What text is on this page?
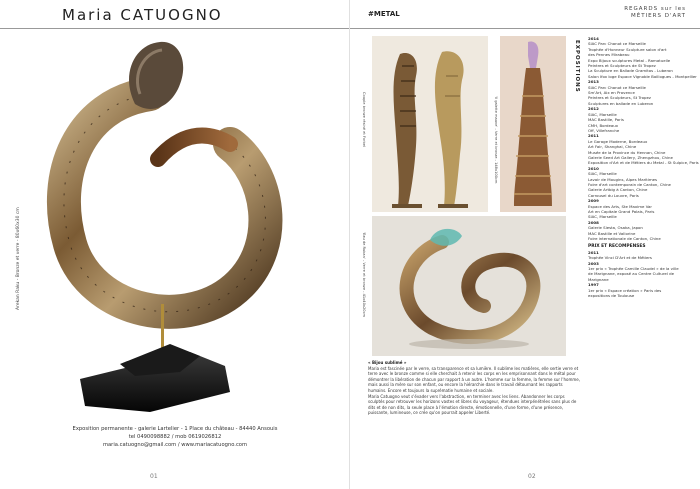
Maria CATUOGNO
Arekan Raku - Bronze et verre - 80x60x30 cm
Exposition permanente - galerie Lartelier - 1 Place du château - 84440 Ansouis
tel 0490098882 / mob 0619026812
maria.catuogno@gmail.com / www.mariacatuogno.com
01
#METAL
REGARDS sur les
MÉTIERS D'ART
Couple bronze résiné et Forbel	'Il galette mauve' - Verre et bronze - 148x100cm
'Eau de Ruban' - Verre et bronze - 41x40x20cm
EXPOSITIONS
2014
SIAC Parc Chanot ce Marseille
Trophée d'Honneur Sculpture salon d'art
des Pennes Mirabeau
Expo Bijoux sculptures Metal - Ramatuelle
Peintres et Sculpteurs de St Tropez
La Sculpture en Ballade Gramitos - Luberon
Salon Ifox loge Espace Vignoble Boillogues - Montpellier
2013
SIAC Parc Chanot ce Marseille
Sm'Art, Aix en Provence
Peintres et Sculpteurs, St Tropez
Sculptures en ballade en Luberon
2012
SIAC, Marseille
MAC Bastille, Paris
CMH, Bordeaux
Off, Villefranche
2011
Le Garage Moderne, Bordeaux
Art Fair, Shanghai, Chine
Musée de la Province du Hennan, Chine
Galerie Seed Art Gallery, Zhengzhou, Chine
Exposition d'Art et de Métiers du Metal - St Sulpice, Paris
2010
SIAC, Marseille
Lavoir de Mougins, Alpes Maritimes
Foire d'art contemporain de Canton, Chine
Galerie Artbig à Canton, Chine
Carrousel du Louvre, Paris
2009
Espace des Arts, Ste Maxime Var
Art en Capitale Grand Palais, Paris
SIAC, Marseille
2008
Galerie Siesta, Osaka, Japon
MAC Bastille et Vallorine
Foire internationale de Canton, Chine
PRIX ET RECOMPENSES
2011
Trophée Vinci D'Art et de Métiers
2003
1er prix « Trophée Camille Claudel » de la ville
de Marignane, exposé au Centre Culturel de
Marignane
1997
1er prix « Espace création » Paris des
expositions de Toulouse
« Bijou sublimé »
Maria est fascinée par le verre, sa transparence et sa lumière. Il sublime les matières, elle sertie verre et terre avec le bronze comme si elle cherchait à retenir les corps en les emprisonnant dans le métal pour démontrer la libération de chacun par rapport à un autre. L'homme sur la femme, la femme sur l'homme, mais aussi la mère sur son enfant, ou encore la hiérarchie dans le travail détournant les rapports humains. Encore et toujours la suprématie humaine et sociale.
Maria Catuogno veut s'évader vers l'abstraction, en terminer avec les liens. Abandonner les corps sculptés pour retrouver les horizons vastes et libres du voyageur, étendues interpénétrées sans plus de dits et de non dits, la seule place à l'émotion directe, émotionnelle, d'une forme, d'une présence, puissante, lumineuse, ce crée qu'on pourrait appeler Liberté.
02
